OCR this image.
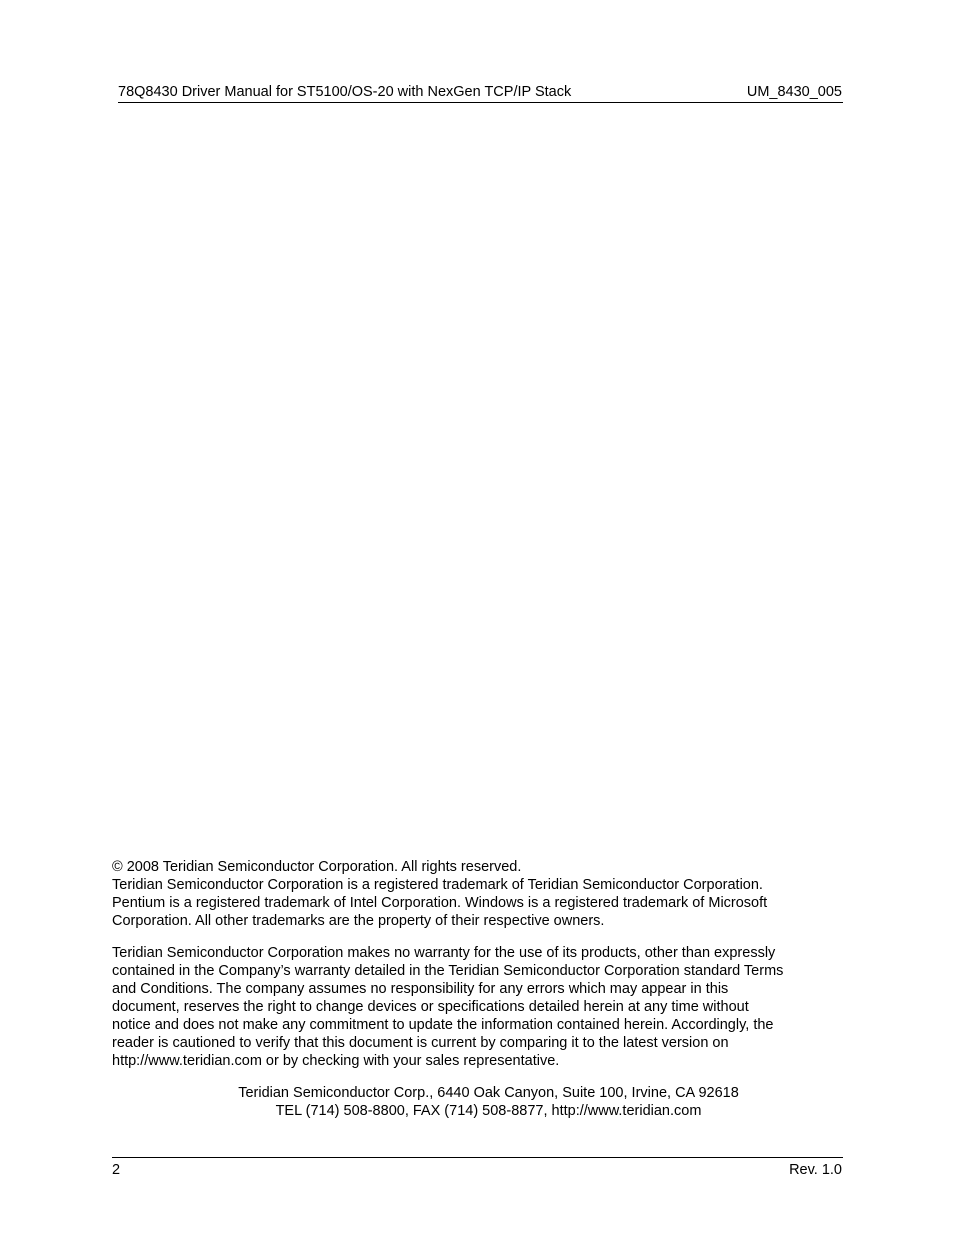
78Q8430 Driver Manual for ST5100/OS-20 with NexGen TCP/IP Stack	UM_8430_005

© 2008 Teridian Semiconductor Corporation. All rights reserved.

Teridian Semiconductor Corporation is a registered trademark of Teridian Semiconductor Corporation.

Pentium is a registered trademark of Intel Corporation. Windows is a registered trademark of Microsoft

Corporation. All other trademarks are the property of their respective owners.

Teridian Semiconductor Corporation makes no warranty for the use of its products, other than expressly

contained in the Company’s warranty detailed in the Teridian Semiconductor Corporation standard Terms

and Conditions. The company assumes no responsibility for any errors which may appear in this

document, reserves the right to change devices or specifications detailed herein at any time without

notice and does not make any commitment to update the information contained herein. Accordingly, the

reader is cautioned to verify that this document is current by comparing it to the latest version on

http://www.teridian.com or by checking with your sales representative.

Teridian Semiconductor Corp., 6440 Oak Canyon, Suite 100, Irvine, CA 92618

TEL (714) 508-8800, FAX (714) 508-8877, http://www.teridian.com

2	Rev. 1.0
